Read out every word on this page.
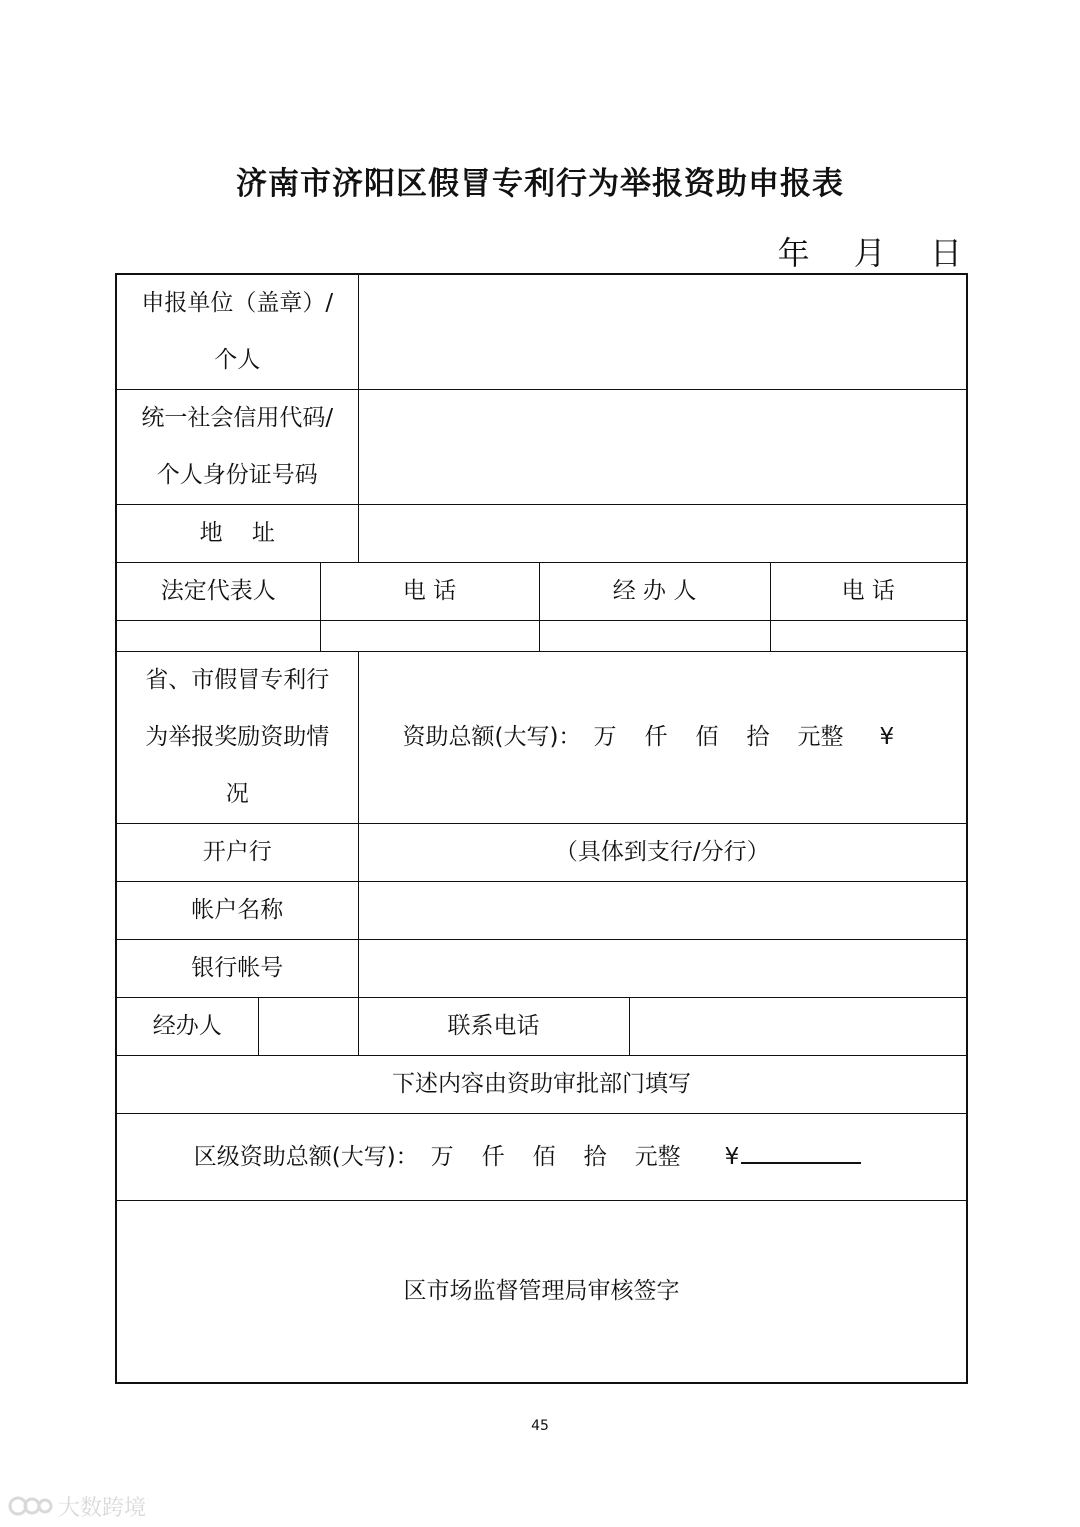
济南市济阳区假冒专利行为举报资助申报表
年 月 日
申报单位（盖章）/
个人						

统一社会信用代码/
个人身份证号码						

地    址						
法定代表人		电 话		经 办 人		电 话

省、市假冒专利行
为举报奖励资助情
况			资助总额(大写)： 万 仟 佰 拾 元整 ¥			
开户行			（具体到支行/分行）			
帐户名称						
银行帐号						
经办人			联系电话			
下述内容由资助审批部门填写						
区级资助总额(大写)： 万 仟 佰 拾 元整 ¥						
区市场监督管理局审核签字						
45
大数跨境
